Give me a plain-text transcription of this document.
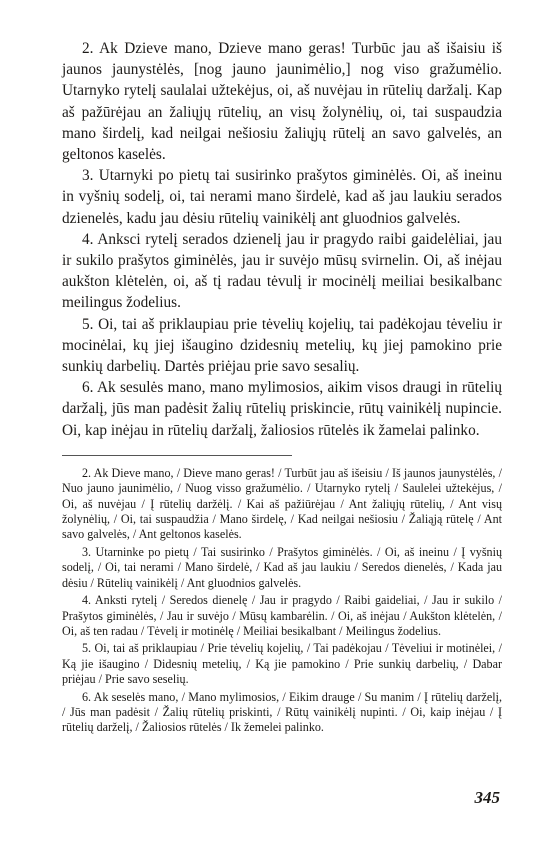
2. Ak Dzieve mano, Dzieve mano geras! Turbūc jau aš išaisiu iš jaunos jaunystėlės, [nog jauno jaunimėlio,] nog viso gražumėlio. Utarnyko rytelį saulalai užtekėjus, oi, aš nuvėjau in rūtelių daržalį. Kap aš pažūrėjau an žaliųjų rūtelių, an visų žolynėlių, oi, tai suspaudzia mano širdelį, kad neilgai nešiosiu žaliųjų rūtelį an savo galvelės, an geltonos kaselės.

3. Utarnyki po pietų tai susirinko prašytos giminėlės. Oi, aš ineinu in vyšnių sodelį, oi, tai nerami mano širdelė, kad aš jau laukiu serados dzienelės, kadu jau dėsiu rūtelių vainikėlį ant gluodnios galvelės.

4. Anksci rytelį serados dzienelį jau ir pragydo raibi gaidelėliai, jau ir sukilo prašytos giminėlės, jau ir suvėjo mūsų svirnelin. Oi, aš inėjau aukšton klėtelėn, oi, aš tį radau tėvulį ir mocinėlį meiliai besikalbanc meilingus žodelius.

5. Oi, tai aš priklaupiau prie tėvelių kojelių, tai padėkojau tėveliu ir mocinėlai, kų jiej išaugino dzidesnių metelių, kų jiej pamokino prie sunkių darbelių. Dartės priėjau prie savo sesalių.

6. Ak sesulės mano, mano mylimosios, aikim visos draugi in rūtelių daržalį, jūs man padėsit žalių rūtelių priskincie, rūtų vainikėlį nupincie. Oi, kap inėjau in rūtelių daržalį, žaliosios rūtelės ik žamelai palinko.

2. Ak Dieve mano, / Dieve mano geras! / Turbūt jau aš išeisiu / Iš jaunos jaunystėlės, / Nuo jauno jaunimėlio, / Nuog visso gražumėlio. / Utarnyko rytelį / Saulelei užtekėjus, / Oi, aš nuvėjau / Į rūtelių daržėlį. / Kai aš pažiūrėjau / Ant žaliųjų rūtelių, / Ant visų žolynėlių, / Oi, tai suspaudžia / Mano širdelę, / Kad neilgai nešiosiu / Žaliąją rūtelę / Ant savo galvelės, / Ant geltonos kaselės.

3. Utarninke po pietų / Tai susirinko / Prašytos giminėlės. / Oi, aš ineinu / Į vyšnių sodelį, / Oi, tai nerami / Mano širdelė, / Kad aš jau laukiu / Seredos dienelės, / Kada jau dėsiu / Rūtelių vainikėlį / Ant gluodnios galvelės.

4. Anksti rytelį / Seredos dienelę / Jau ir pragydo / Raibi gaideliai, / Jau ir sukilo / Prašytos giminėlės, / Jau ir suvėjo / Mūsų kambarėlin. / Oi, aš inėjau / Aukšton klėtelėn, / Oi, aš ten radau / Tėvelį ir motinėlę / Meiliai besikalbant / Meilingus žodelius.

5. Oi, tai aš priklaupiau / Prie tėvelių kojelių, / Tai padėkojau / Tėveliui ir motinėlei, / Ką jie išaugino / Didesnių metelių, / Ką jie pamokino / Prie sunkių darbelių, / Dabar priėjau / Prie savo seselių.

6. Ak seselės mano, / Mano mylimosios, / Eikim drauge / Su manim / Į rūtelių darželį, / Jūs man padėsit / Žalių rūtelių priskinti, / Rūtų vainikėlį nupinti. / Oi, kaip inėjau / Į rūtelių darželį, / Žaliosios rūtelės / Ik žemelei palinko.

345
